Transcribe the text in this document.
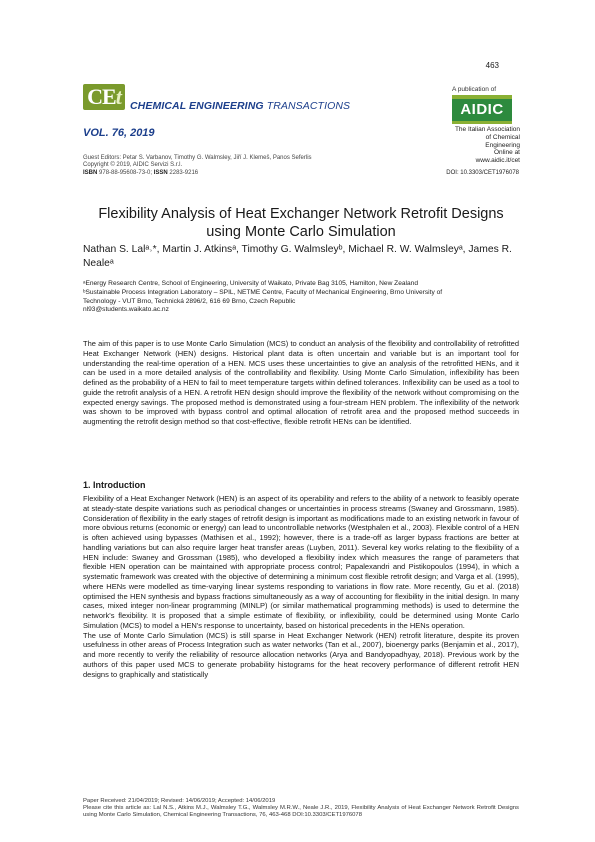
463
CEt CHEMICAL ENGINEERING TRANSACTIONS
VOL. 76, 2019
A publication of
AIDIC
The Italian Association
of Chemical Engineering
Online at www.aidic.it/cet
Guest Editors: Petar S. Varbanov, Timothy G. Walmsley, Jiří J. Klemeš, Panos Seferlis
Copyright © 2019, AIDIC Servizi S.r.l.
ISBN 978-88-95608-73-0; ISSN 2283-9216	DOI: 10.3303/CET1976078
Flexibility Analysis of Heat Exchanger Network Retrofit Designs using Monte Carlo Simulation
Nathan S. Lalᵃ˒*, Martin J. Atkinsᵃ, Timothy G. Walmsleyᵇ, Michael R. W. Walmsleyᵃ, James R. Nealeᵃ
ᵃEnergy Research Centre, School of Engineering, University of Waikato, Private Bag 3105, Hamilton, New Zealand
ᵇSustainable Process Integration Laboratory – SPIL, NETME Centre, Faculty of Mechanical Engineering, Brno University of
Technology - VUT Brno, Technická 2896/2, 616 69 Brno, Czech Republic
nl93@students.waikato.ac.nz
The aim of this paper is to use Monte Carlo Simulation (MCS) to conduct an analysis of the flexibility and controllability of retrofitted Heat Exchanger Network (HEN) designs. Historical plant data is often uncertain and variable but is an important tool for understanding the real-time operation of a HEN. MCS uses these uncertainties to give an analysis of the retrofitted HENs, and it can be used in a more detailed analysis of the controllability and flexibility. Using Monte Carlo Simulation, inflexibility has been defined as the probability of a HEN to fail to meet temperature targets within defined tolerances. Inflexibility can be used as a tool to guide the retrofit analysis of a HEN. A retrofit HEN design should improve the flexibility of the network without compromising on the expected energy savings. The proposed method is demonstrated using a four-stream HEN problem. The inflexibility of the network was shown to be improved with bypass control and optimal allocation of retrofit area and the proposed method succeeds in augmenting the retrofit design method so that cost-effective, flexible retrofit HENs can be identified.
1. Introduction

Flexibility of a Heat Exchanger Network (HEN) is an aspect of its operability and refers to the ability of a network to feasibly operate at steady-state despite variations such as periodical changes or uncertainties in process streams (Swaney and Grossmann, 1985). Consideration of flexibility in the early stages of retrofit design is important as modifications made to an existing network in favour of more obvious returns (economic or energy) can lead to uncontrollable networks (Westphalen et al., 2003). Flexible control of a HEN is often achieved using bypasses (Mathisen et al., 1992); however, there is a trade-off as larger bypass fractions are better at handling variations but can also require larger heat transfer areas (Luyben, 2011). Several key works relating to the flexibility of a HEN include: Swaney and Grossman (1985), who developed a flexibility index which measures the range of parameters that flexible HEN operation can be maintained with appropriate process control; Papalexandri and Pistikopoulos (1994), in which a systematic framework was created with the objective of determining a minimum cost flexible retrofit design; and Varga et al. (1995), where HENs were modelled as time-varying linear systems responding to variations in flow rate. More recently, Gu et al. (2018) optimised the HEN synthesis and bypass fractions simultaneously as a way of accounting for flexibility in the initial design. In many cases, mixed integer non-linear programming (MINLP) (or similar mathematical programming methods) is used to determine the network's flexibility. It is proposed that a simple estimate of flexibility, or inflexibility, could be determined using Monte Carlo Simulation (MCS) to model a HEN's response to uncertainty, based on historical precedents in the HENs operation.

The use of Monte Carlo Simulation (MCS) is still sparse in Heat Exchanger Network (HEN) retrofit literature, despite its proven usefulness in other areas of Process Integration such as water networks (Tan et al., 2007), bioenergy parks (Benjamin et al., 2017), and more recently to verify the reliability of resource allocation networks (Arya and Bandyopadhyay, 2018). Previous work by the authors of this paper used MCS to generate probability histograms for the heat recovery performance of different retrofit HEN designs to graphically and statistically

Paper Received: 21/04/2019; Revised: 14/06/2019; Accepted: 14/06/2019
Please cite this article as: Lal N.S., Atkins M.J., Walmsley T.G., Walmsley M.R.W., Neale J.R., 2019, Flexibility Analysis of Heat Exchanger Network Retrofit Designs using Monte Carlo Simulation, Chemical Engineering Transactions, 76, 463-468 DOI:10.3303/CET1976078
